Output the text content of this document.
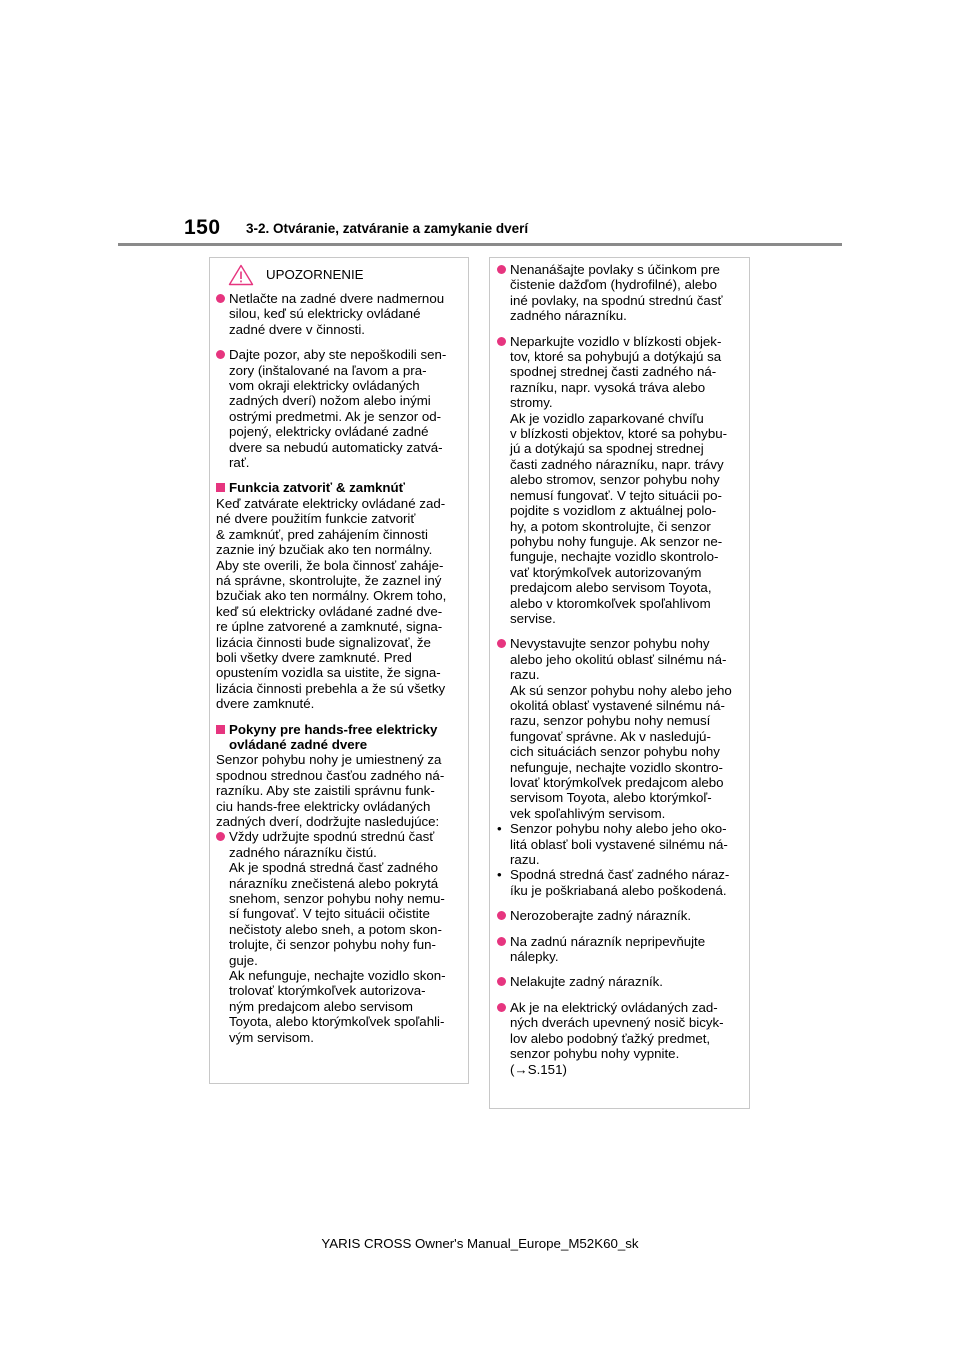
150 3-2. Otváranie, zatváranie a zamykanie dverí
UPOZORNENIE
Netlačte na zadné dvere nadmernou
silou, keď sú elektricky ovládané
zadné dvere v činnosti.
Dajte pozor, aby ste nepoškodili sen-
zory (inštalované na ľavom a pra-
vom okraji elektricky ovládaných
zadných dverí) nožom alebo inými
ostrými predmetmi. Ak je senzor od-
pojený, elektricky ovládané zadné
dvere sa nebudú automaticky zatvá-
rať.
Funkcia zatvoriť & zamknúť
Keď zatvárate elektricky ovládané zad-
né dvere použitím funkcie zatvoriť
& zamknúť, pred zahájením činnosti
zaznie iný bzučiak ako ten normálny.
Aby ste overili, že bola činnosť zaháje-
ná správne, skontrolujte, že zaznel iný
bzučiak ako ten normálny. Okrem toho,
keď sú elektricky ovládané zadné dve-
re úplne zatvorené a zamknuté, signa-
lizácia činnosti bude signalizovať, že
boli všetky dvere zamknuté. Pred
opustením vozidla sa uistite, že signa-
lizácia činnosti prebehla a že sú všetky
dvere zamknuté.
Pokyny pre hands-free elektricky
ovládané zadné dvere
Senzor pohybu nohy je umiestnený za
spodnou strednou časťou zadného ná-
razníku. Aby ste zaistili správnu funk-
ciu hands-free elektricky ovládaných
zadných dverí, dodržujte nasledujúce:
Vždy udržujte spodnú strednú časť
zadného nárazníku čistú.
Ak je spodná stredná časť zadného
nárazníku znečistená alebo pokrytá
snehom, senzor pohybu nohy nemu-
sí fungovať. V tejto situácii očistite
nečistoty alebo sneh, a potom skon-
trolujte, či senzor pohybu nohy fun-
guje.
Ak nefunguje, nechajte vozidlo skon-
trolovať ktorýmkoľvek autorizova-
ným predajcom alebo servisom
Toyota, alebo ktorýmkoľvek spoľahli-
vým servisom.
Nenanášajte povlaky s účinkom pre
čistenie dažďom (hydrofilné), alebo
iné povlaky, na spodnú strednú časť
zadného nárazníku.
Neparkujte vozidlo v blízkosti objek-
tov, ktoré sa pohybujú a dotýkajú sa
spodnej strednej časti zadného ná-
razníku, napr. vysoká tráva alebo
stromy.
Ak je vozidlo zaparkované chvíľu
v blízkosti objektov, ktoré sa pohybu-
jú a dotýkajú sa spodnej strednej
časti zadného nárazníku, napr. trávy
alebo stromov, senzor pohybu nohy
nemusí fungovať. V tejto situácii po-
pojdite s vozidlom z aktuálnej polo-
hy, a potom skontrolujte, či senzor
pohybu nohy funguje. Ak senzor ne-
funguje, nechajte vozidlo skontrolo-
vať ktorýmkoľvek autorizovaným
predajcom alebo servisom Toyota,
alebo v ktoromkoľvek spoľahlivom
servise.
Nevystavujte senzor pohybu nohy
alebo jeho okolitú oblasť silnému ná-
razu.
Ak sú senzor pohybu nohy alebo jeho
okolitá oblasť vystavené silnému ná-
razu, senzor pohybu nohy nemusí
fungovať správne. Ak v nasledujú-
cich situáciách senzor pohybu nohy
nefunguje, nechajte vozidlo skontro-
lovať ktorýmkoľvek predajcom alebo
servisom Toyota, alebo ktorýmkoľ-
vek spoľahlivým servisom.
• Senzor pohybu nohy alebo jeho oko-
litá oblasť boli vystavené silnému ná-
razu.
• Spodná stredná časť zadného náraz-
íku je poškriabaná alebo poškodená.
Nerozoberajte zadný nárazník.
Na zadnú nárazník nepripevňujte
nálepky.
Nelakujte zadný nárazník.
Ak je na elektrický ovládaných zad-
ných dverách upevnený nosič bicyk-
lov alebo podobný ťažký predmet,
senzor pohybu nohy vypnite.
(→S.151)
YARIS CROSS Owner's Manual_Europe_M52K60_sk
